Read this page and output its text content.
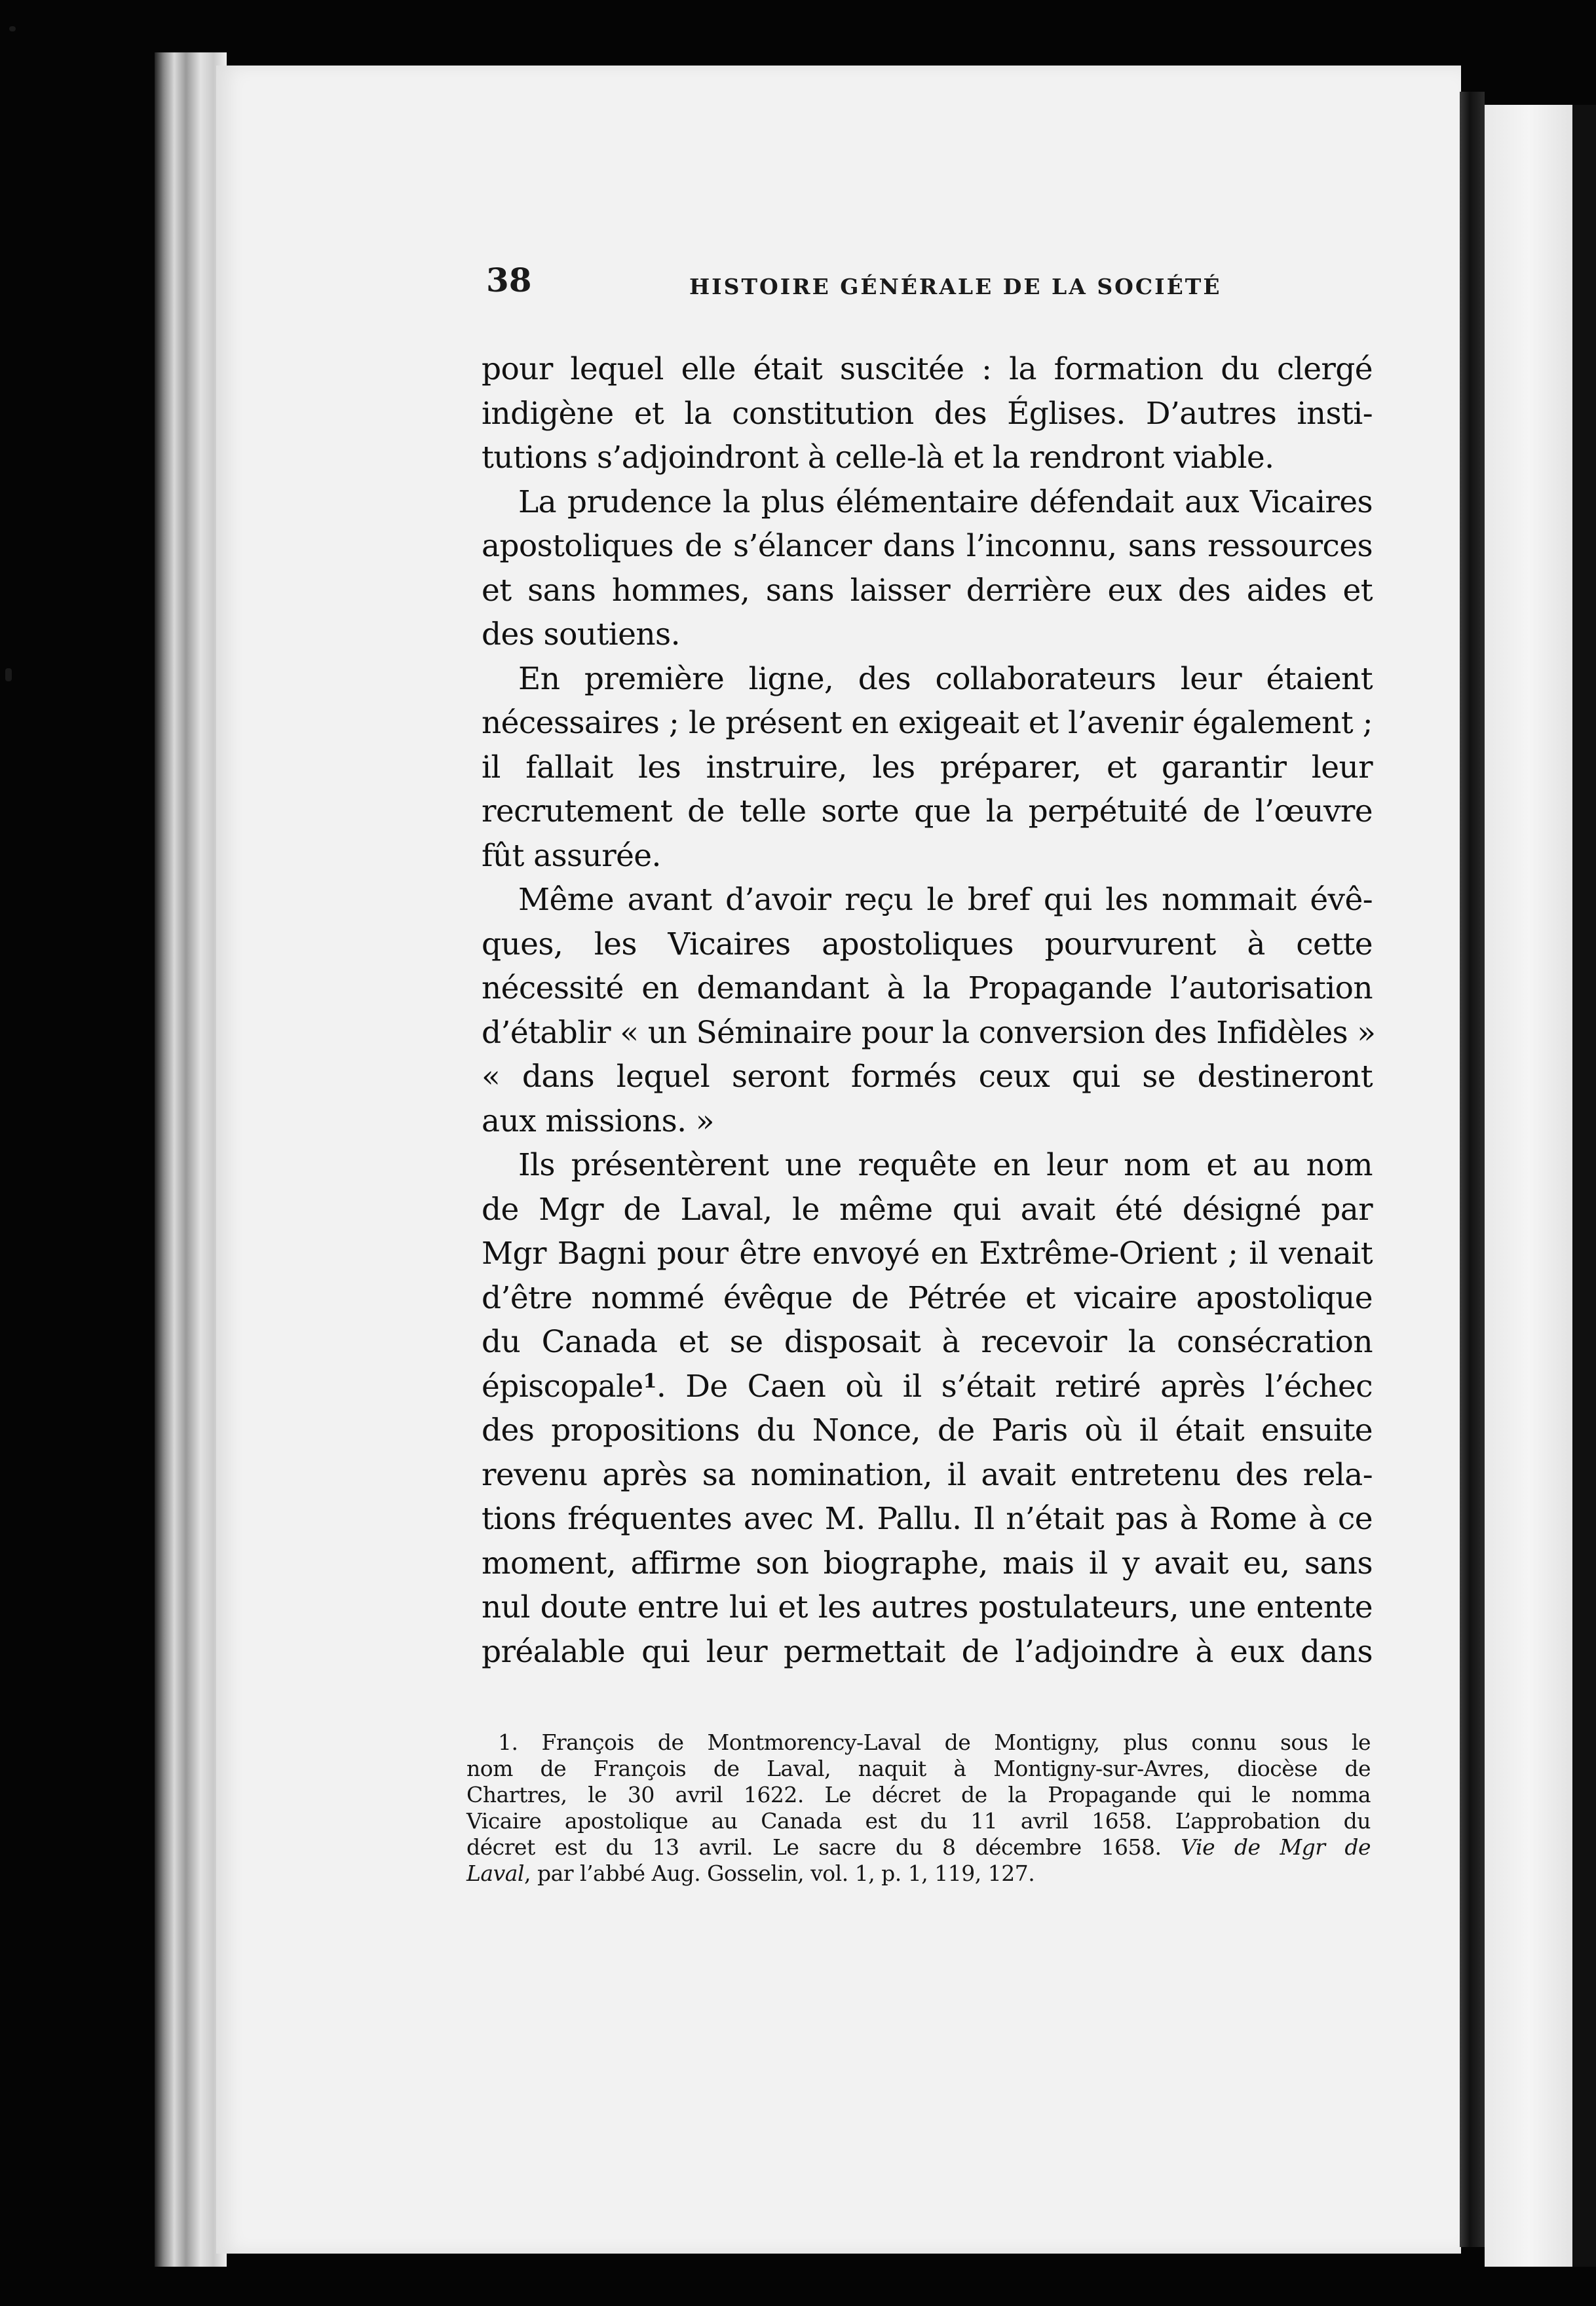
38	HISTOIRE GÉNÉRALE DE LA SOCIÉTÉ
pour lequel elle était suscitée : la formation du clergé
indigène et la constitution des Églises. D’autres insti-
tutions s’adjoindront à celle-là et la rendront viable.
La prudence la plus élémentaire défendait aux Vicaires
apostoliques de s’élancer dans l’inconnu, sans ressources
et sans hommes, sans laisser derrière eux des aides et
des soutiens.
En première ligne, des collaborateurs leur étaient
nécessaires ; le présent en exigeait et l’avenir également ;
il fallait les instruire, les préparer, et garantir leur
recrutement de telle sorte que la perpétuité de l’œuvre
fût assurée.
Même avant d’avoir reçu le bref qui les nommait évê-
ques, les Vicaires apostoliques pourvurent à cette
nécessité en demandant à la Propagande l’autorisation
d’établir « un Séminaire pour la conversion des Infidèles »
« dans lequel seront formés ceux qui se destineront
aux missions. »
Ils présentèrent une requête en leur nom et au nom
de Mgr de Laval, le même qui avait été désigné par
Mgr Bagni pour être envoyé en Extrême-Orient ; il venait
d’être nommé évêque de Pétrée et vicaire apostolique
du Canada et se disposait à recevoir la consécration
épiscopale$^1$. De Caen où il s’était retiré après l’échec
des propositions du Nonce, de Paris où il était ensuite
revenu après sa nomination, il avait entretenu des rela-
tions fréquentes avec M. Pallu. Il n’était pas à Rome à ce
moment, affirme son biographe, mais il y avait eu, sans
nul doute entre lui et les autres postulateurs, une entente
préalable qui leur permettait de l’adjoindre à eux dans
1. François de Montmorency-Laval de Montigny, plus connu sous le
nom de François de Laval, naquit à Montigny-sur-Avres, diocèse de
Chartres, le 30 avril 1622. Le décret de la Propagande qui le nomma
Vicaire apostolique au Canada est du 11 avril 1658. L’approbation du
décret est du 13 avril. Le sacre du 8 décembre 1658. Vie de Mgr de
Laval, par l’abbé Aug. Gosselin, vol. 1, p. 1, 119, 127.
